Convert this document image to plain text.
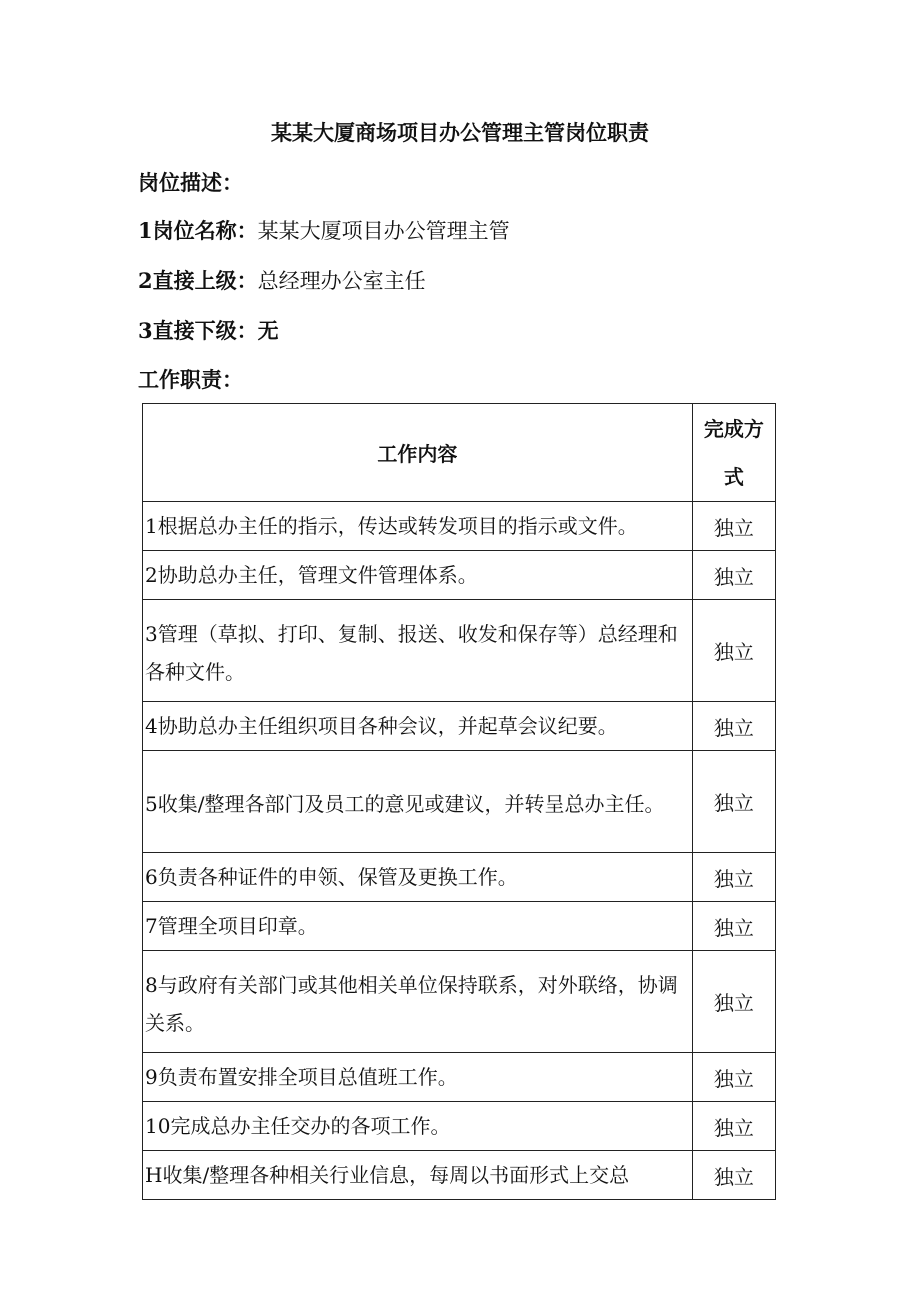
某某大厦商场项目办公管理主管岗位职责
岗位描述：
1岗位名称：某某大厦项目办公管理主管
2直接上级：总经理办公室主任
3直接下级：无
工作职责：
工作内容	完成方式
1根据总办主任的指示，传达或转发项目的指示或文件。	独立
2协助总办主任，管理文件管理体系。	独立
3管理（草拟、打印、复制、报送、收发和保存等）总经理和各种文件。	独立
4协助总办主任组织项目各种会议，并起草会议纪要。	独立
5收集/整理各部门及员工的意见或建议，并转呈总办主任。	独立
6负责各种证件的申领、保管及更换工作。	独立
7管理全项目印章。	独立
8与政府有关部门或其他相关单位保持联系，对外联络，协调关系。	独立
9负责布置安排全项目总值班工作。	独立
10完成总办主任交办的各项工作。	独立
H收集/整理各种相关行业信息，每周以书面形式上交总	独立
